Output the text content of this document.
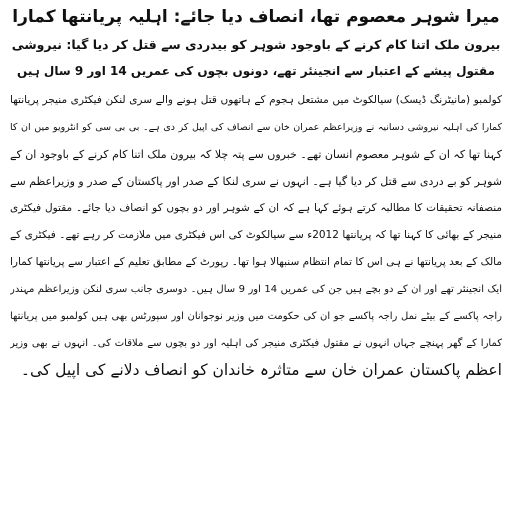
میرا شوہر معصوم تھا، انصاف دیا جائے: اہلیہ پریانتھا کمارا
بیرون ملک اتنا کام کرنے کے باوجود شوہر کو بیدردی سے قتل کر دیا گیا: نیروشی
مقتول پیشے کے اعتبار سے انجینئر تھے، دونوں بچوں کی عمریں 14 اور 9 سال ہیں
کولمبو (مانیٹرنگ ڈیسک) سیالکوٹ میں مشتعل ہجوم کے ہاتھوں قتل ہونے والے سری لنکن فیکٹری منیجر پریانتھا
کمارا کی اہلیہ نیروشی دسانیہ نے وزیراعظم عمران خان سے انصاف کی اپیل کر دی ہے۔ بی بی سی کو انٹرویو میں ان کا
کہنا تھا کہ ان کے شوہر معصوم انسان تھے۔ خبروں سے پتہ چلا کہ بیرون ملک اتنا کام کرنے کے باوجود ان کے
شوہر کو بے دردی سے قتل کر دیا گیا ہے۔ انہوں نے سری لنکا کے صدر اور پاکستان کے صدر و وزیراعظم سے
منصفانہ تحقیقات کا مطالبہ کرتے ہوئے کہا ہے کہ ان کے شوہر اور دو بچوں کو انصاف دیا جائے۔ مقتول فیکٹری
منیجر کے بھائی کا کہنا تھا کہ پریانتھا 2012ء سے سیالکوٹ کی اس فیکٹری میں ملازمت کر رہے تھے۔ فیکٹری کے
مالک کے بعد پریانتھا نے ہی اس کا تمام انتظام سنبھالا ہوا تھا۔ رپورٹ کے مطابق تعلیم کے اعتبار سے پریانتھا کمارا
ایک انجینئر تھے اور ان کے دو بچے ہیں جن کی عمریں 14 اور 9 سال ہیں۔ دوسری جانب سری لنکن وزیراعظم مہندر
راجہ پاکسے کے بیٹے نمل راجہ پاکسے جو ان کی حکومت میں وزیر نوجوانان اور سپورٹس بھی ہیں کولمبو میں پریانتھا
کمارا کے گھر پہنچے جہاں انہوں نے مقتول فیکٹری منیجر کی اہلیہ اور دو بچوں سے ملاقات کی۔ انہوں نے بھی وزیر
اعظم پاکستان عمران خان سے متاثرہ خاندان کو انصاف دلانے کی اپیل کی۔
